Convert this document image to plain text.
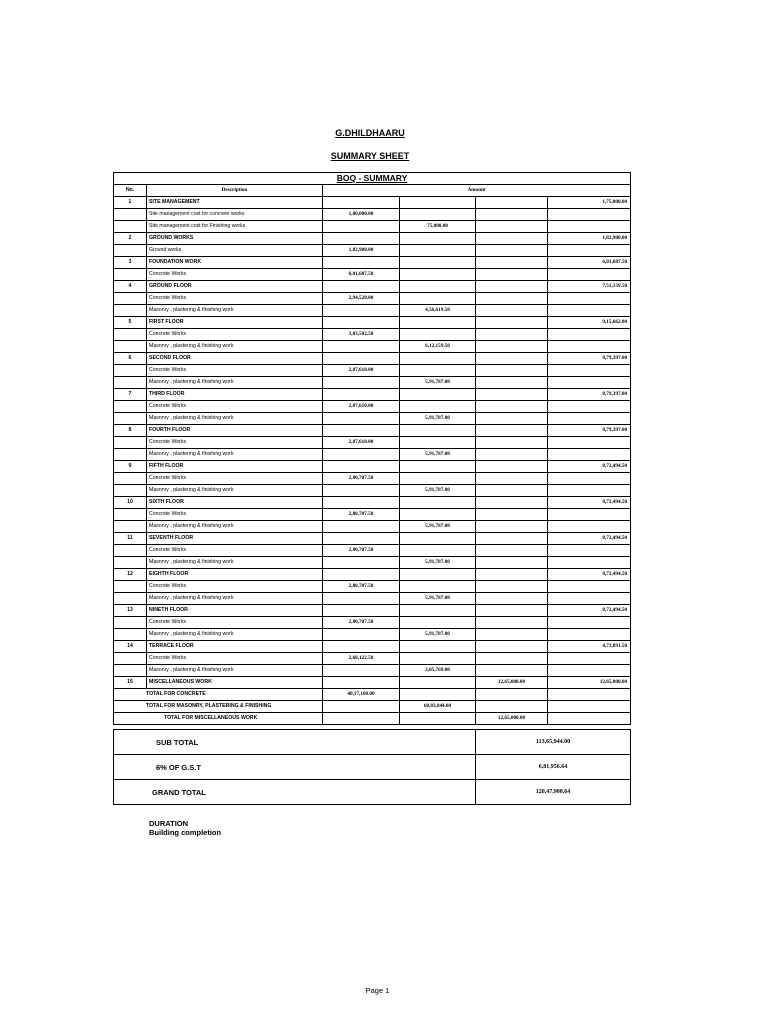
G.DHILDHAARU
SUMMARY SHEET
BOQ - SUMMARY					
No.	Description	Amount			
1	SITE MANAGEMENT				1,75,000.00
	Site management cost for concrete works	1,00,000.00			
	Site management cost for Finishing works		75,000.00		
2	GROUND WORKS				1,82,900.00
	Ground works	1,82,900.00			
3	FOUNDATION WORK				6,01,687.50
	Concrete Works	6,01,687.50			
4	GROUND FLOOR				7,51,139.50
	Concrete Works	2,94,520.00			
	Masonry , plastering & finishing work		4,56,619.50		
5	FIRST FLOOR				9,15,662.00
	Concrete Works	3,03,502.50			
	Masonry , plastering & finishing work		6,12,159.50		
6	SECOND FLOOR				8,79,397.00
	Concrete Works	2,87,610.00			
	Masonry , plastering & finishing work		5,91,787.00		
7	THIRD FLOOR				8,79,397.00
	Concrete Works	2,87,610.00			
	Masonry , plastering & finishing work		5,91,787.00		
8	FOURTH FLOOR				8,79,397.00
	Concrete Works	2,87,610.00			
	Masonry , plastering & finishing work		5,91,787.00		
9	FIFTH FLOOR				8,72,494.50
	Concrete Works	2,80,707.50			
	Masonry , plastering & finishing work		5,91,787.00		
10	SIXTH FLOOR				8,72,494.50
	Concrete Works	2,80,707.50			
	Masonry , plastering & finishing work		5,91,787.00		
11	SEVENTH FLOOR				8,72,494.50
	Concrete Works	2,80,707.50			
	Masonry , plastering & finishing work		5,91,787.00		
12	EIGHTH FLOOR				8,72,494.50
	Concrete Works	2,80,707.50			
	Masonry , plastering & finishing work		5,91,787.00		
13	NINETH FLOOR				8,72,494.50
	Concrete Works	2,80,707.50			
	Masonry , plastering & finishing work		5,91,787.00		
14	TERRACE FLOOR				4,73,891.50
	Concrete Works	2,68,122.50			
	Masonry , plastering & finishing work		2,05,769.00		
15	MISCELLANEOUS WORK			12,65,000.00	12,65,000.00
TOTAL FOR CONCRETE		40,17,100.00			
TOTAL FOR MASONRY, PLASTERING & FINISHING			60,83,844.00		
TOTAL FOR MISCELLANEOUS WORK				12,65,000.00	
SUB TOTAL	113,65,944.00
6% OF G.S.T	6,81,956.64
GRAND TOTAL	120,47,900.64
DURATION
Building completion
Page 1
